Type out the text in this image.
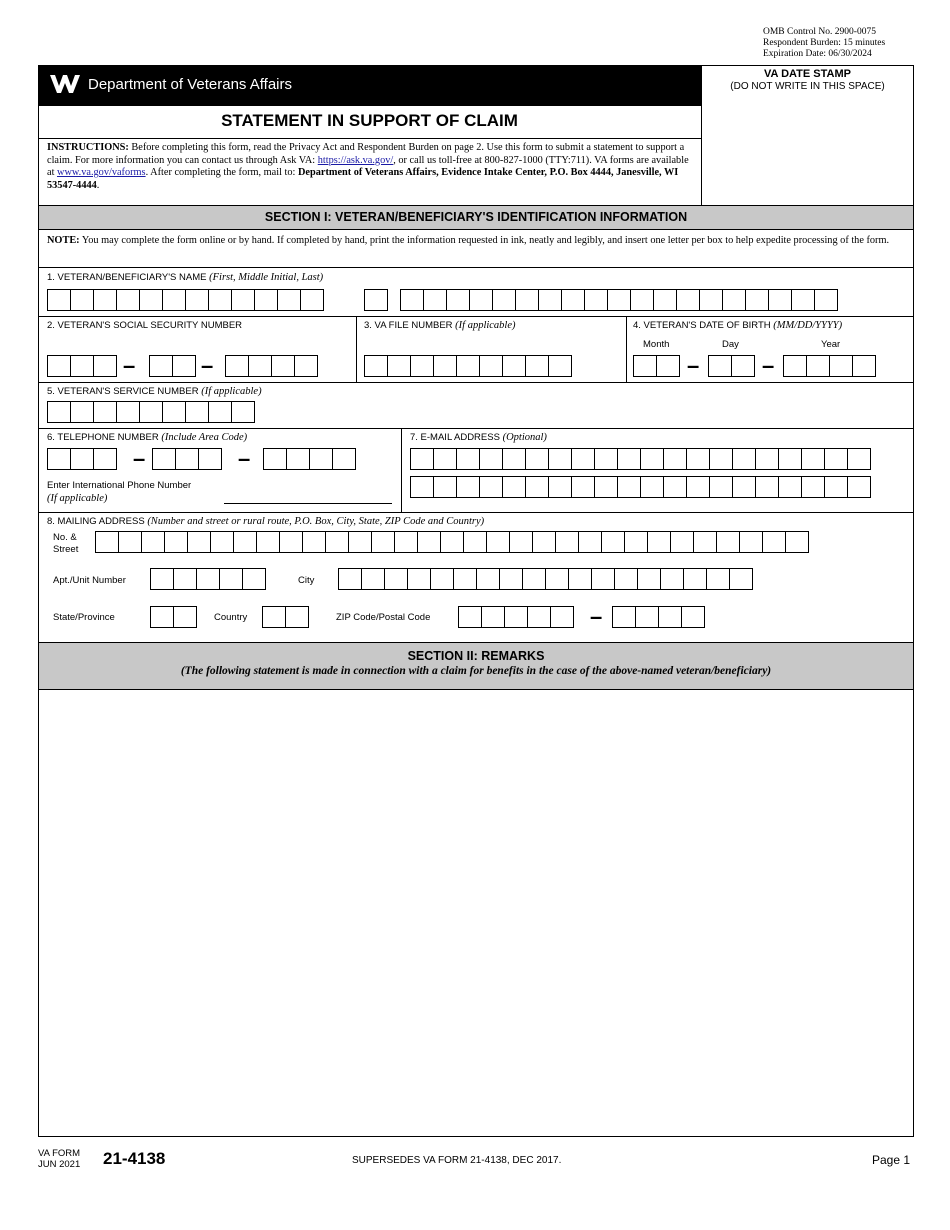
OMB Control No. 2900-0075
Respondent Burden: 15 minutes
Expiration Date: 06/30/2024
Department of Veterans Affairs
VA DATE STAMP
(DO NOT WRITE IN THIS SPACE)
STATEMENT IN SUPPORT OF CLAIM
INSTRUCTIONS: Before completing this form, read the Privacy Act and Respondent Burden on page 2. Use this form to submit a statement to support a claim. For more information you can contact us through Ask VA: https://ask.va.gov/, or call us toll-free at 800-827-1000 (TTY:711). VA forms are available at www.va.gov/vaforms. After completing the form, mail to: Department of Veterans Affairs, Evidence Intake Center, P.O. Box 4444, Janesville, WI 53547-4444.
SECTION I: VETERAN/BENEFICIARY'S IDENTIFICATION INFORMATION
NOTE: You may complete the form online or by hand. If completed by hand, print the information requested in ink, neatly and legibly, and insert one letter per box to help expedite processing of the form.
1. VETERAN/BENEFICIARY'S NAME (First, Middle Initial, Last)
2. VETERAN'S SOCIAL SECURITY NUMBER
–	–
3. VA FILE NUMBER (If applicable)	4. VETERAN'S DATE OF BIRTH (MM/DD/YYYY)
Month	Day	Year
–	–
5. VETERAN'S SERVICE NUMBER (If applicable)
6. TELEPHONE NUMBER (Include Area Code)
–	–
Enter International Phone Number
(If applicable)
7. E-MAIL ADDRESS (Optional)
8. MAILING ADDRESS (Number and street or rural route, P.O. Box, City, State, ZIP Code and Country)
No. &
Street
Apt./Unit Number	City
State/Province	Country	ZIP Code/Postal Code	–
SECTION II: REMARKS
(The following statement is made in connection with a claim for benefits in the case of the above-named veteran/beneficiary)
VA FORM
JUN 2021 21-4138	SUPERSEDES VA FORM 21-4138, DEC 2017.	Page 1
